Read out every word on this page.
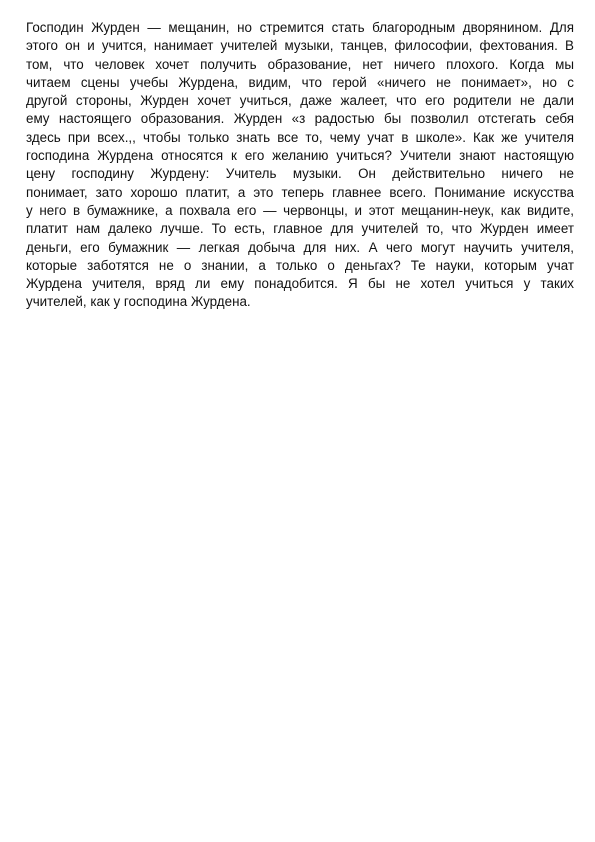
Господин Журден — мещанин, но стремится стать благородным дворянином. Для
этого он и учится, нанимает учителей музыки, танцев, философии, фехтования. В
том, что человек хочет получить образование, нет ничего плохого. Когда мы
читаем сцены учебы Журдена, видим, что герой «ничего не понимает», но с
другой стороны, Журден хочет учиться, даже жалеет, что его родители не дали
ему настоящего образования. Журден «з радостью бы позволил отстегать себя
здесь при всех.,, чтобы только знать все то, чему учат в школе». Как же учителя
господина Журдена относятся к его желанию учиться? Учители знают настоящую
цену господину Журдену: Учитель музыки. Он действительно ничего не
понимает, зато хорошо платит, а это теперь главнее всего. Понимание искусства
у него в бумажнике, а похвала его — червонцы, и этот мещанин-неук, как видите,
платит нам далеко лучше. То есть, главное для учителей то, что Журден имеет
деньги, его бумажник — легкая добыча для них. А чего могут научить учителя,
которые заботятся не о знании, а только о деньгах? Те науки, которым учат
Журдена учителя, вряд ли ему понадобится. Я бы не хотел учиться у таких
учителей, как у господина Журдена.
